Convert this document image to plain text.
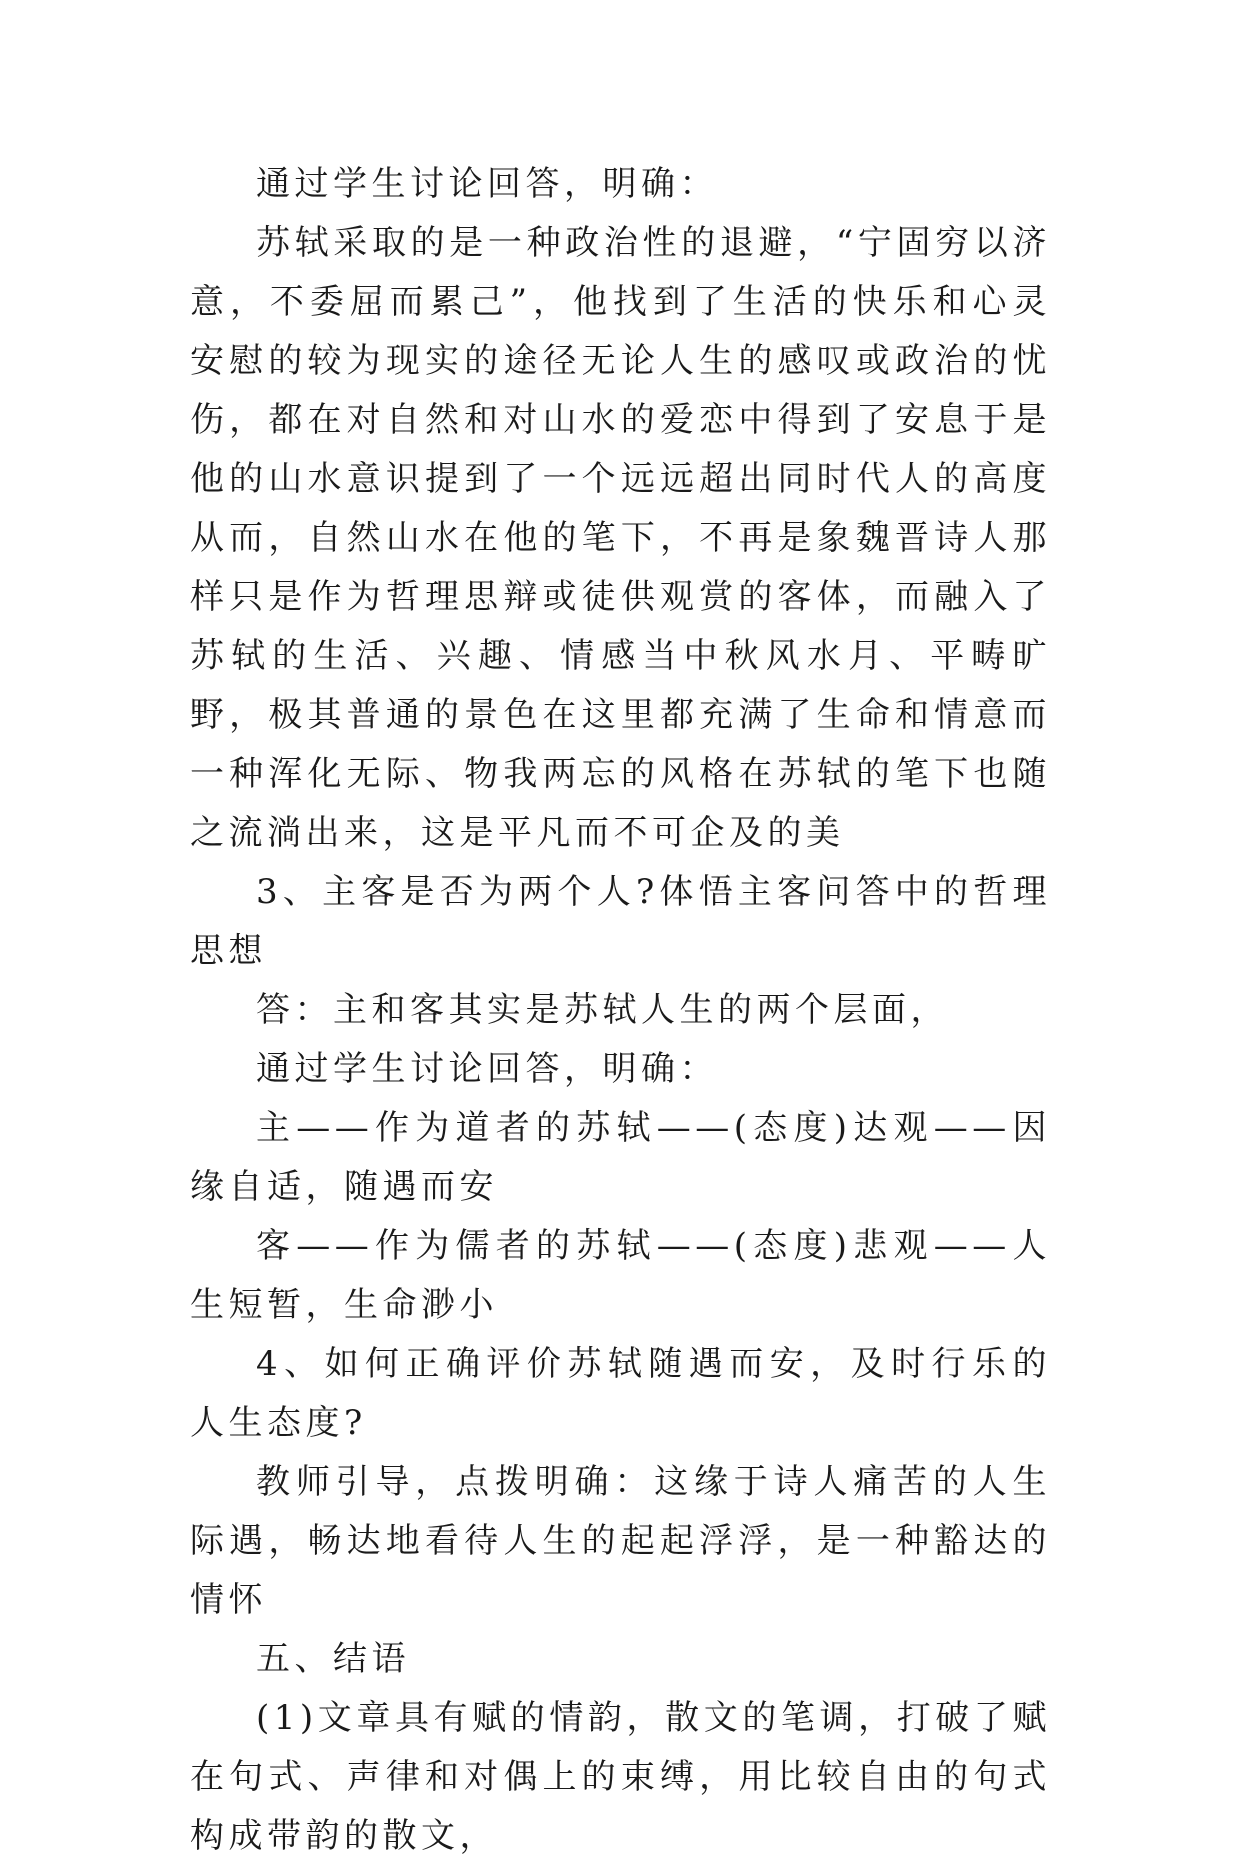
通过学生讨论回答，明确：

苏轼采取的是一种政治性的退避，“宁固穷以济意，不委屈而累己”，他找到了生活的快乐和心灵安慰的较为现实的途径无论人生的感叹或政治的忧伤，都在对自然和对山水的爱恋中得到了安息于是他的山水意识提到了一个远远超出同时代人的高度从而，自然山水在他的笔下，不再是象魏晋诗人那样只是作为哲理思辩或徒供观赏的客体，而融入了苏轼的生活、兴趣、情感当中秋风水月、平畴旷野，极其普通的景色在这里都充满了生命和情意而一种浑化无际、物我两忘的风格在苏轼的笔下也随之流淌出来，这是平凡而不可企及的美

3、主客是否为两个人?体悟主客问答中的哲理思想

答：主和客其实是苏轼人生的两个层面，

通过学生讨论回答，明确：

主——作为道者的苏轼——(态度)达观——因缘自适，随遇而安

客——作为儒者的苏轼——(态度)悲观——人生短暂，生命渺小

4、如何正确评价苏轼随遇而安，及时行乐的人生态度?

教师引导，点拨明确：这缘于诗人痛苦的人生际遇，畅达地看待人生的起起浮浮，是一种豁达的情怀

五、结语

(1)文章具有赋的情韵，散文的笔调，打破了赋在句式、声律和对偶上的束缚，用比较自由的句式构成带韵的散文，
